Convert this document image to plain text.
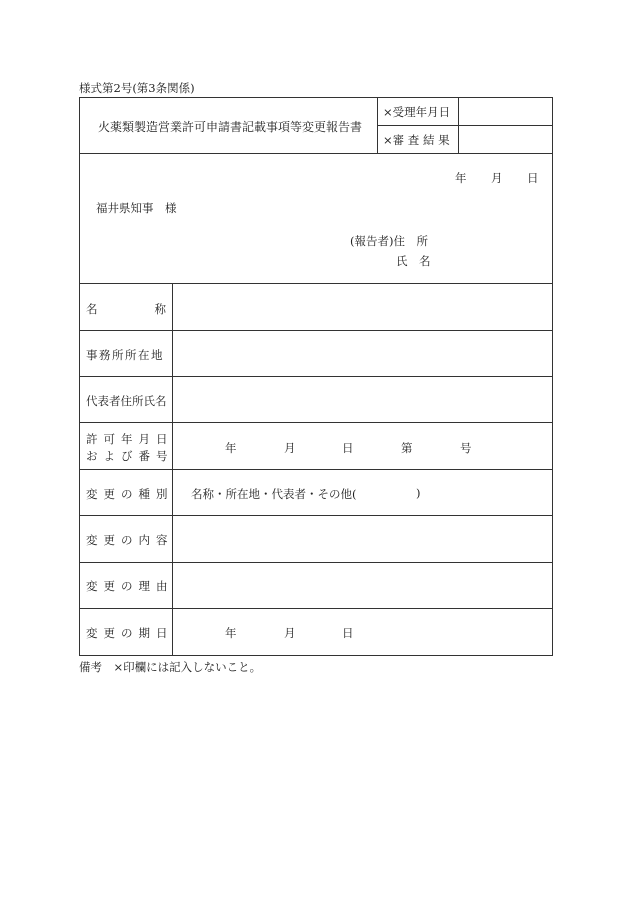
様式第2号(第3条関係)
火薬類製造営業許可申請書記載事項等変更報告書
×受理年月日
×審 査 結 果
年 月 日
福井県知事　様
(報告者)住　所
氏　名
名	称
事務所所在地
代表者住所氏名
許可年月日
および番号
年	月	日	第	号
変更の種別 名称・所在地・代表者・その他(	)
変更の内容
変更の理由
変更の期日	年	月	日
備考　×印欄には記入しないこと。
